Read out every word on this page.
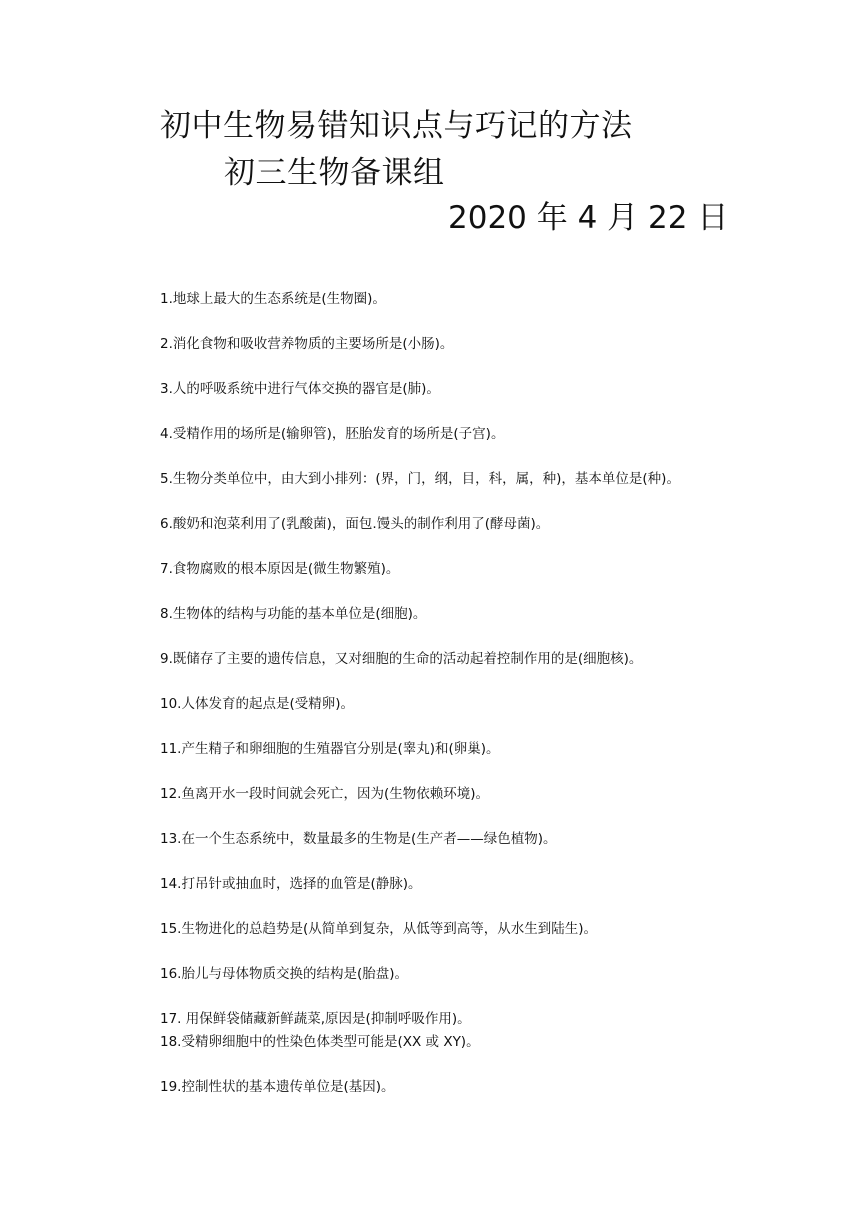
初中生物易错知识点与巧记的方法
初三生物备课组
2020 年 4 月 22 日
1.地球上最大的生态系统是(生物圈)。
2.消化食物和吸收营养物质的主要场所是(小肠)。
3.人的呼吸系统中进行气体交换的器官是(肺)。
4.受精作用的场所是(输卵管)，胚胎发育的场所是(子宫)。
5.生物分类单位中，由大到小排列：(界，门，纲，目，科，属，种)，基本单位是(种)。
6.酸奶和泡菜利用了(乳酸菌)，面包.馒头的制作利用了(酵母菌)。
7.食物腐败的根本原因是(微生物繁殖)。
8.生物体的结构与功能的基本单位是(细胞)。
9.既储存了主要的遗传信息，又对细胞的生命的活动起着控制作用的是(细胞核)。
10.人体发育的起点是(受精卵)。
11.产生精子和卵细胞的生殖器官分别是(睾丸)和(卵巢)。
12.鱼离开水一段时间就会死亡，因为(生物依赖环境)。
13.在一个生态系统中，数量最多的生物是(生产者——绿色植物)。
14.打吊针或抽血时，选择的血管是(静脉)。
15.生物进化的总趋势是(从简单到复杂，从低等到高等，从水生到陆生)。
16.胎儿与母体物质交换的结构是(胎盘)。
17. 用保鲜袋储藏新鲜蔬菜,原因是(抑制呼吸作用)。
18.受精卵细胞中的性染色体类型可能是(XX 或 XY)。
19.控制性状的基本遗传单位是(基因)。
